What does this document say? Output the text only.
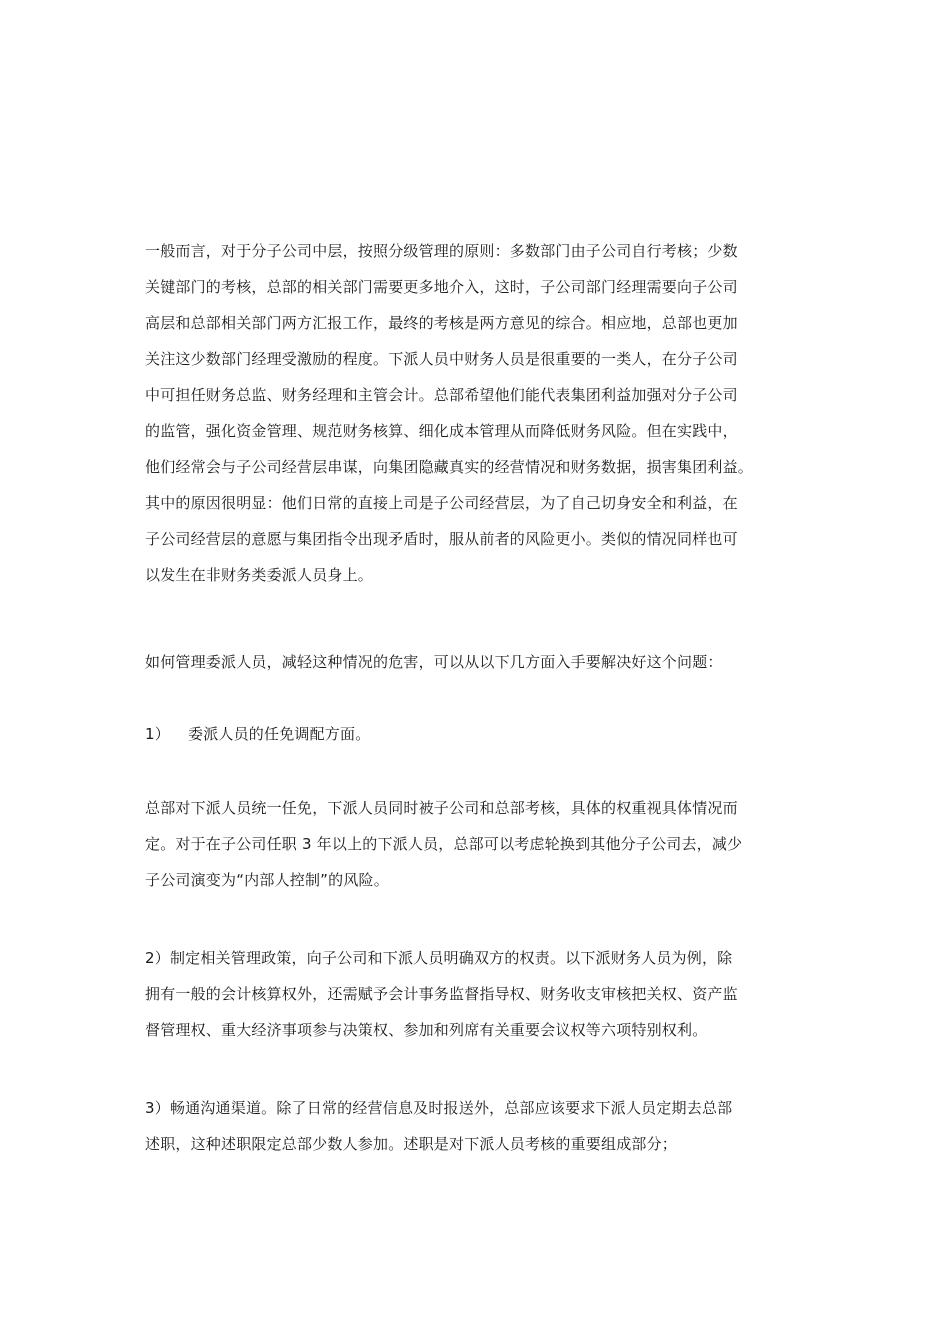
一般而言，对于分子公司中层，按照分级管理的原则：多数部门由子公司自行考核；少数
关键部门的考核，总部的相关部门需要更多地介入，这时，子公司部门经理需要向子公司
高层和总部相关部门两方汇报工作，最终的考核是两方意见的综合。相应地，总部也更加
关注这少数部门经理受激励的程度。下派人员中财务人员是很重要的一类人，在分子公司
中可担任财务总监、财务经理和主管会计。总部希望他们能代表集团利益加强对分子公司
的监管，强化资金管理、规范财务核算、细化成本管理从而降低财务风险。但在实践中，
他们经常会与子公司经营层串谋，向集团隐藏真实的经营情况和财务数据，损害集团利益。
其中的原因很明显：他们日常的直接上司是子公司经营层，为了自己切身安全和利益，在
子公司经营层的意愿与集团指令出现矛盾时，服从前者的风险更小。类似的情况同样也可
以发生在非财务类委派人员身上。
如何管理委派人员，减轻这种情况的危害，可以从以下几方面入手要解决好这个问题：
1） 委派人员的任免调配方面。
总部对下派人员统一任免，下派人员同时被子公司和总部考核，具体的权重视具体情况而
定。对于在子公司任职 3 年以上的下派人员，总部可以考虑轮换到其他分子公司去，减少
子公司演变为“内部人控制”的风险。
2）制定相关管理政策，向子公司和下派人员明确双方的权责。以下派财务人员为例，除
拥有一般的会计核算权外，还需赋予会计事务监督指导权、财务收支审核把关权、资产监
督管理权、重大经济事项参与决策权、参加和列席有关重要会议权等六项特别权利。
3）畅通沟通渠道。除了日常的经营信息及时报送外，总部应该要求下派人员定期去总部
述职，这种述职限定总部少数人参加。述职是对下派人员考核的重要组成部分；
